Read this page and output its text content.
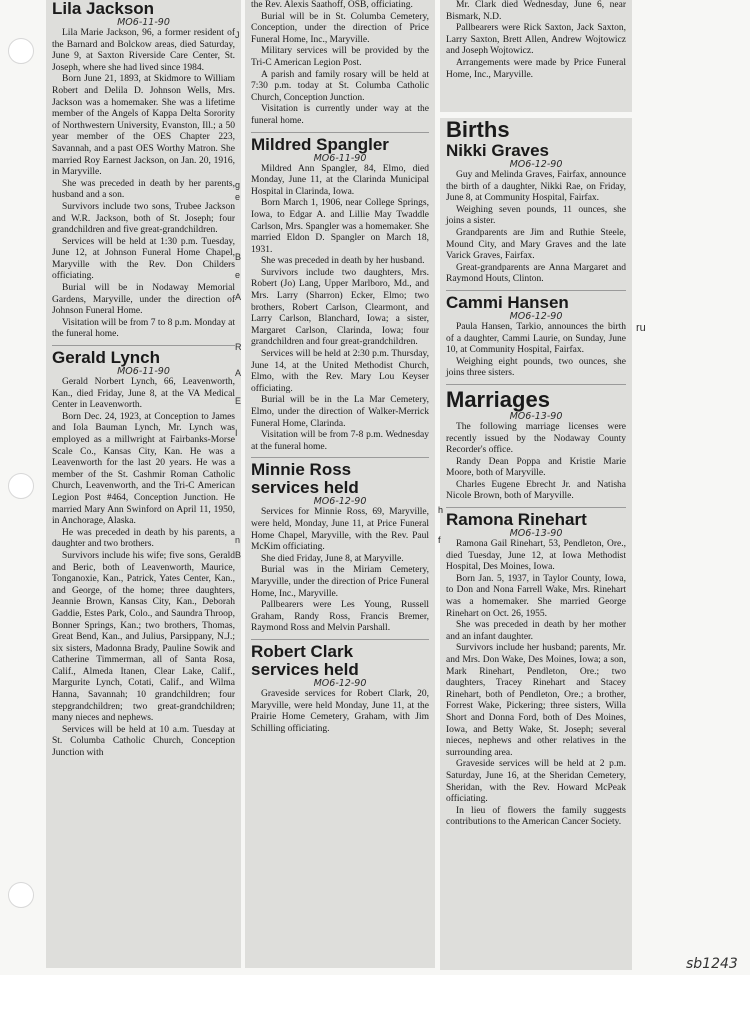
Lila Jackson
MO6-11-90

Lila Marie Jackson, 96, a former resident of the Barnard and Bolckow areas, died Saturday, June 9, at Saxton Riverside Care Center, St. Joseph, where she had lived since 1984.

Born June 21, 1893, at Skidmore to William Robert and Delila D. Johnson Wells, Mrs. Jackson was a homemaker. She was a lifetime member of the Angels of Kappa Delta Sorority of Northwestern University, Evanston, Ill.; a 50 year member of the OES Chapter 223, Savannah, and a past OES Worthy Matron. She married Roy Earnest Jackson, on Jan. 20, 1916, in Maryville.

She was preceded in death by her parents, husband and a son.

Survivors include two sons, Trubee Jackson and W.R. Jackson, both of St. Joseph; four grandchildren and five great-grandchildren.

Services will be held at 1:30 p.m. Tuesday, June 12, at Johnson Funeral Home Chapel, Maryville with the Rev. Don Childers officiating.

Burial will be in Nodaway Memorial Gardens, Maryville, under the direction of Johnson Funeral Home.

Visitation will be from 7 to 8 p.m. Monday at the funeral home.

Gerald Lynch
MO6-11-90

Gerald Norbert Lynch, 66, Leavenworth, Kan., died Friday, June 8, at the VA Medical Center in Leavenworth.

Born Dec. 24, 1923, at Conception to James and Iola Bauman Lynch, Mr. Lynch was employed as a millwright at Fairbanks-Morse Scale Co., Kansas City, Kan. He was a Leavenworth for the last 20 years. He was a member of the St. Cashmir Roman Catholic Church, Leavenworth, and the Tri-C American Legion Post #464, Conception Junction. He married Mary Ann Swinford on April 11, 1950, in Anchorage, Alaska.

He was preceded in death by his parents, a daughter and two brothers.

Survivors include his wife; five sons, Gerald and Beric, both of Leavenworth, Maurice, Tonganoxie, Kan., Patrick, Yates Center, Kan., and George, of the home; three daughters, Jeannie Brown, Kansas City, Kan., Deborah Gaddie, Estes Park, Colo., and Saundra Throop, Bonner Springs, Kan.; two brothers, Thomas, Great Bend, Kan., and Julius, Parsippany, N.J.; six sisters, Madonna Brady, Pauline Sowik and Catherine Timmerman, all of Santa Rosa, Calif., Almeda Itanen, Clear Lake, Calif., Margurite Lynch, Cotati, Calif., and Wilma Hanna, Savannah; 10 grandchildren; four stepgrandchildren; two great-grandchildren; many nieces and nephews.

Services will be held at 10 a.m. Tuesday at St. Columba Catholic Church, Conception Junction with

J
g
e
B
e
A
R
A
E
I
n
B

the Rev. Alexis Saathoff, OSB, officiating.

Burial will be in St. Columba Cemetery, Conception, under the direction of Price Funeral Home, Inc., Maryville.

Military services will be provided by the Tri-C American Legion Post.

A parish and family rosary will be held at 7:30 p.m. today at St. Columba Catholic Church, Conception Junction.

Visitation is currently under way at the funeral home.

Mildred Spangler
MO6-11-90

Mildred Ann Spangler, 84, Elmo, died Monday, June 11, at the Clarinda Municipal Hospital in Clarinda, Iowa.

Born March 1, 1906, near College Springs, Iowa, to Edgar A. and Lillie May Twaddle Carlson, Mrs. Spangler was a homemaker. She married Eldon D. Spangler on March 18, 1931.

She was preceded in death by her husband.

Survivors include two daughters, Mrs. Robert (Jo) Lang, Upper Marlboro, Md., and Mrs. Larry (Sharron) Ecker, Elmo; two brothers, Robert Carlson, Clearmont, and Larry Carlson, Blanchard, Iowa; a sister, Margaret Carlson, Clarinda, Iowa; four grandchildren and four great-grandchildren.

Services will be held at 2:30 p.m. Thursday, June 14, at the United Methodist Church, Elmo, with the Rev. Mary Lou Keyser officiating.

Burial will be in the La Mar Cemetery, Elmo, under the direction of Walker-Merrick Funeral Home, Clarinda.

Visitation will be from 7-8 p.m. Wednesday at the funeral home.

Minnie Ross
services held
MO6-12-90

Services for Minnie Ross, 69, Maryville, were held, Monday, June 11, at Price Funeral Home Chapel, Maryville, with the Rev. Paul McKim officiating.

She died Friday, June 8, at Maryville.

Burial was in the Miriam Cemetery, Maryville, under the direction of Price Funeral Home, Inc., Maryville.

Pallbearers were Les Young, Russell Graham, Randy Ross, Francis Bremer, Raymond Ross and Melvin Parshall.

Robert Clark
services held
MO6-12-90

Graveside services for Robert Clark, 20, Maryville, were held Monday, June 11, at the Prairie Home Cemetery, Graham, with Jim Schilling officiating.

Mr. Clark died Wednesday, June 6, near Bismark, N.D.

Pallbearers were Rick Saxton, Jack Saxton, Larry Saxton, Brett Allen, Andrew Wojtowicz and Joseph Wojtowicz.

Arrangements were made by Price Funeral Home, Inc., Maryville.

Births
Nikki Graves
MO6-12-90

Guy and Melinda Graves, Fairfax, announce the birth of a daughter, Nikki Rae, on Friday, June 8, at Community Hospital, Fairfax.

Weighing seven pounds, 11 ounces, she joins a sister.

Grandparents are Jim and Ruthie Steele, Mound City, and Mary Graves and the late Varick Graves, Fairfax.

Great-grandparents are Anna Margaret and Raymond Houts, Clinton.

Cammi Hansen
MO6-12-90

Paula Hansen, Tarkio, announces the birth of a daughter, Cammi Laurie, on Sunday, June 10, at Community Hospital, Fairfax.

Weighing eight pounds, two ounces, she joins three sisters.

Marriages
MO6-13-90

The following marriage licenses were recently issued by the Nodaway County Recorder's office.

Randy Dean Poppa and Kristie Marie Moore, both of Maryville.

Charles Eugene Ebrecht Jr. and Natisha Nicole Brown, both of Maryville.

Ramona Rinehart
MO6-13-90

Ramona Gail Rinehart, 53, Pendleton, Ore., died Tuesday, June 12, at Iowa Methodist Hospital, Des Moines, Iowa.

Born Jan. 5, 1937, in Taylor County, Iowa, to Don and Nona Farrell Wake, Mrs. Rinehart was a homemaker. She married George Rinehart on Oct. 26, 1955.

She was preceded in death by her mother and an infant daughter.

Survivors include her husband; parents, Mr. and Mrs. Don Wake, Des Moines, Iowa; a son, Mark Rinehart, Pendleton, Ore.; two daughters, Tracey Rinehart and Stacey Rinehart, both of Pendleton, Ore.; a brother, Forrest Wake, Pickering; three sisters, Willa Short and Donna Ford, both of Des Moines, Iowa, and Betty Wake, St. Joseph; several nieces, nephews and other relatives in the surrounding area.

Graveside services will be held at 2 p.m. Saturday, June 16, at the Sheridan Cemetery, Sheridan, with the Rev. Howard McPeak officiating.

In lieu of flowers the family suggests contributions to the American Cancer Society.

ru
h
f
sb1243
